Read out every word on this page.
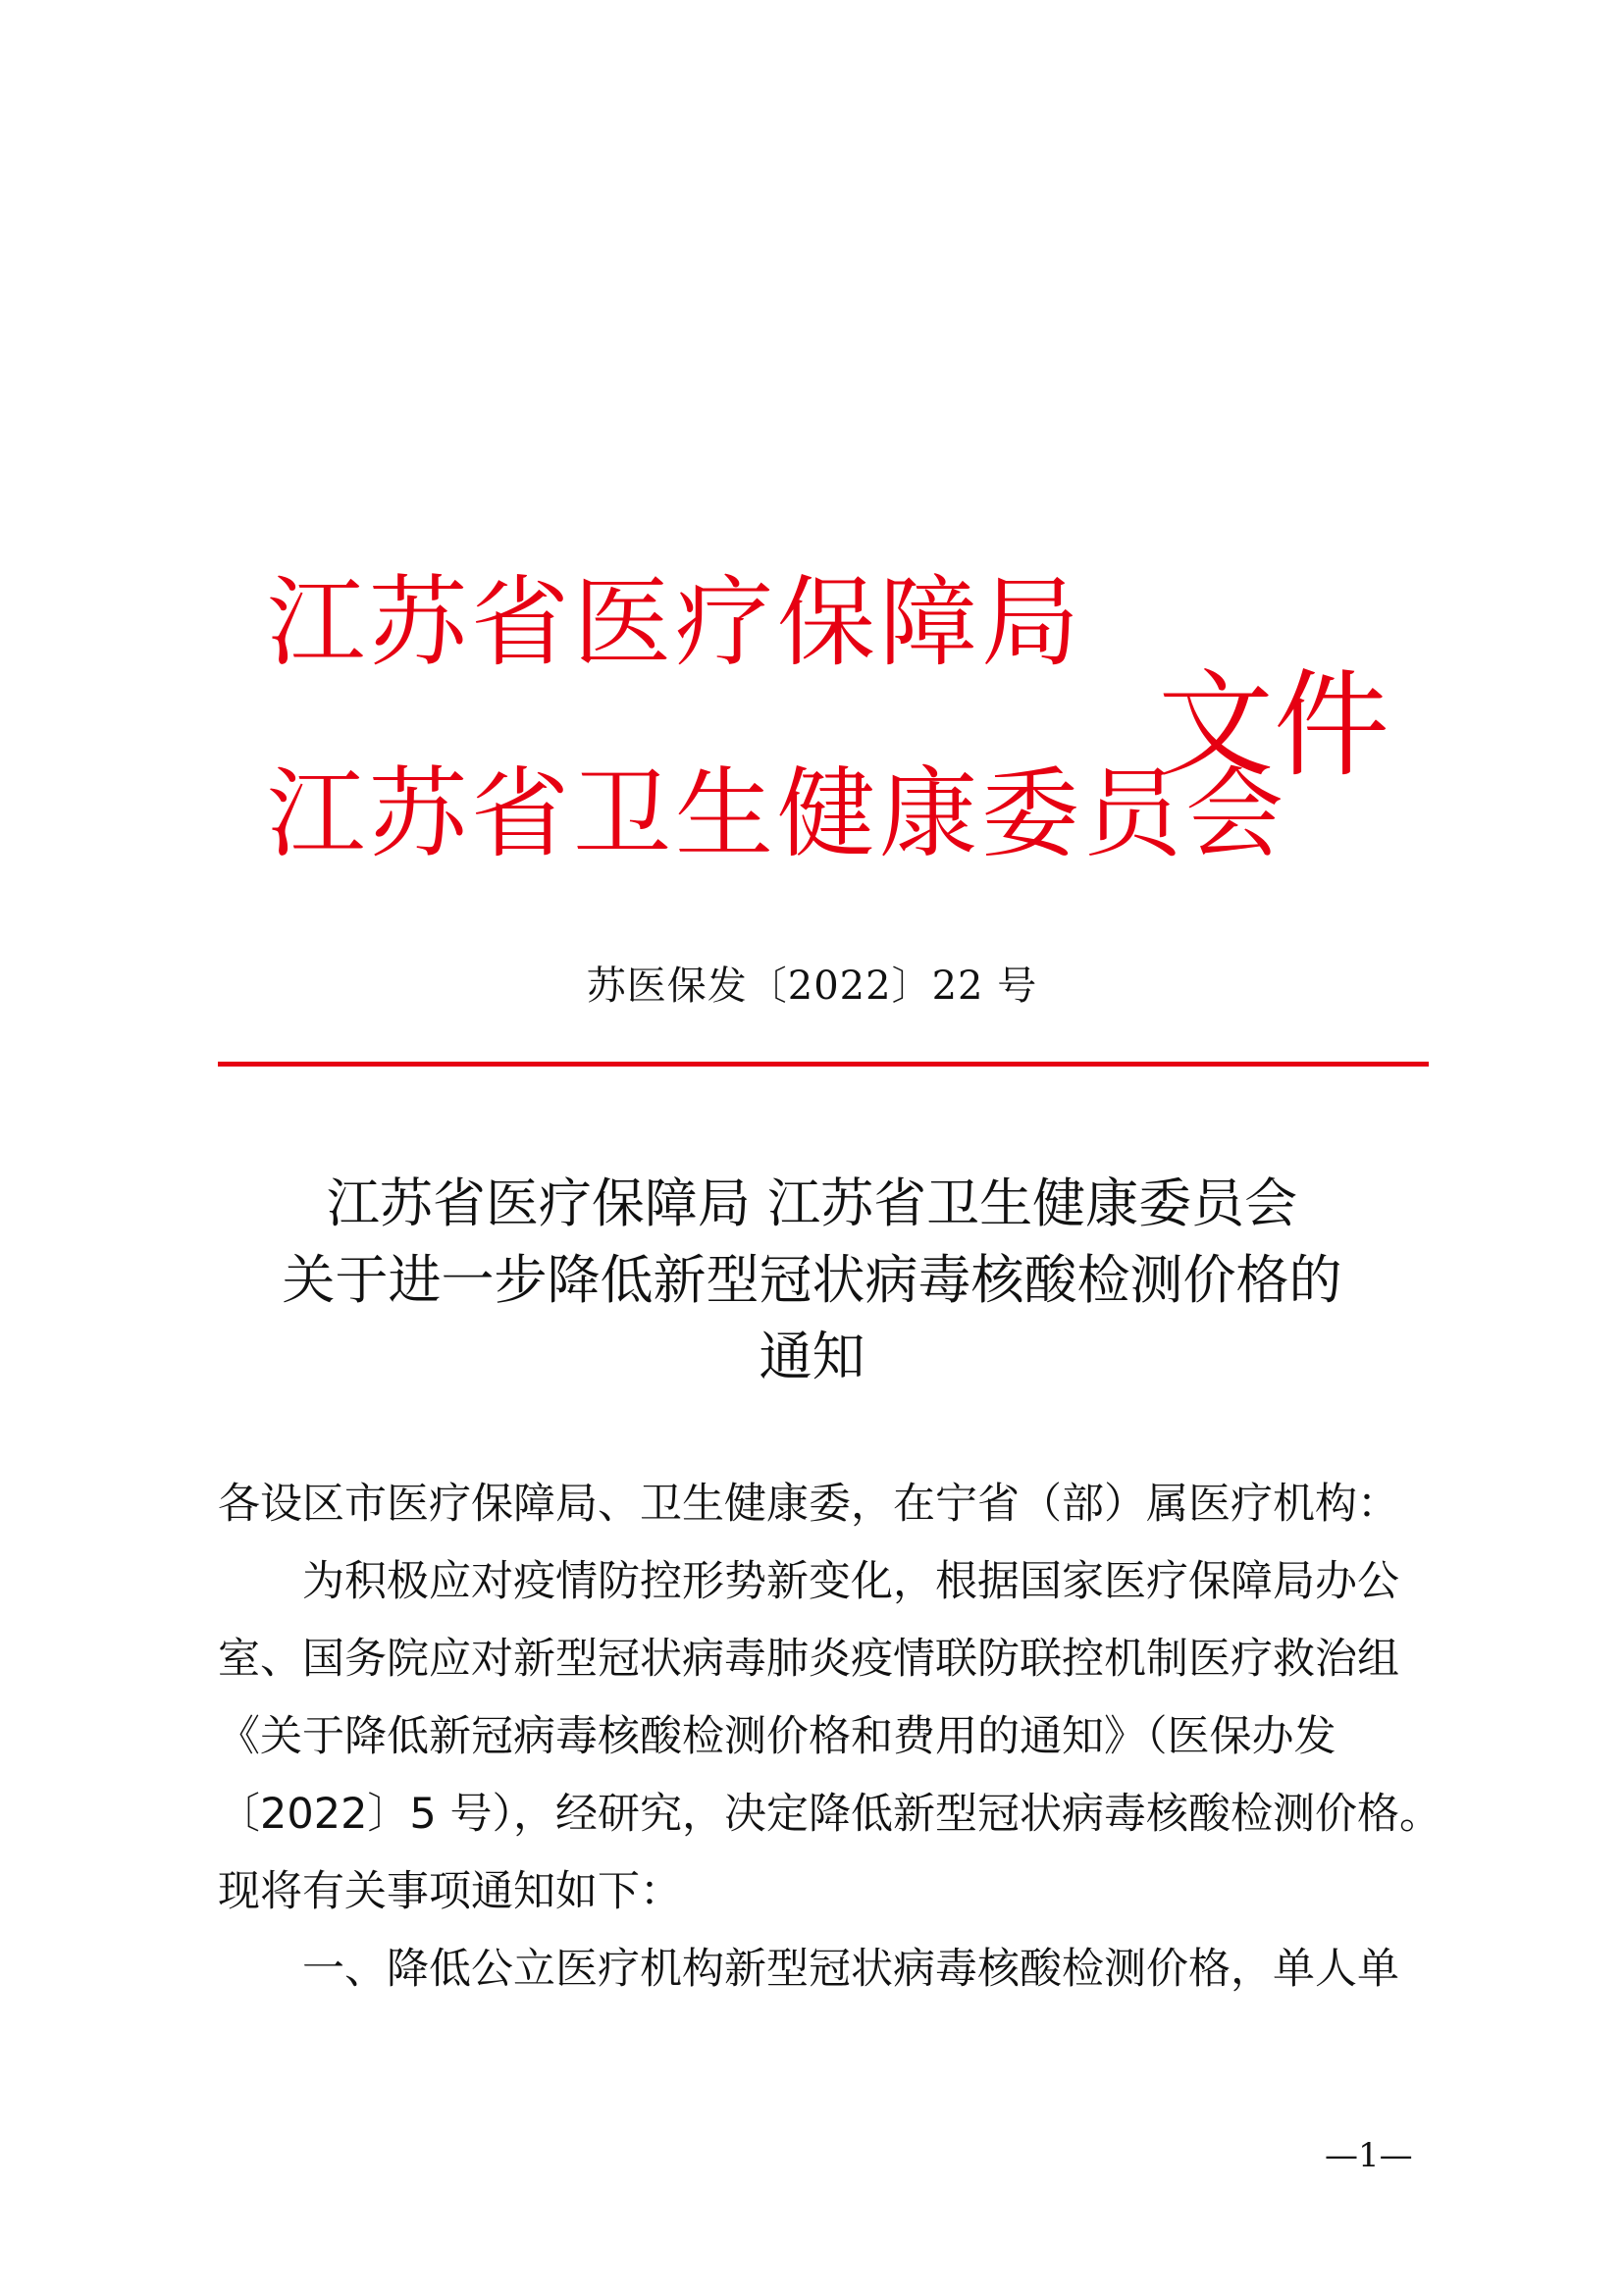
江苏省医疗保障局
江苏省卫生健康委员会
文件
苏医保发〔2022〕22 号
江苏省医疗保障局 江苏省卫生健康委员会
关于进一步降低新型冠状病毒核酸检测价格的
通知
各设区市医疗保障局、卫生健康委，在宁省（部）属医疗机构：
为积极应对疫情防控形势新变化，根据国家医疗保障局办公
室、国务院应对新型冠状病毒肺炎疫情联防联控机制医疗救治组
《关于降低新冠病毒核酸检测价格和费用的通知》（医保办发
〔2022〕5 号），经研究，决定降低新型冠状病毒核酸检测价格。
现将有关事项通知如下：
一、降低公立医疗机构新型冠状病毒核酸检测价格，单人单
—1—
